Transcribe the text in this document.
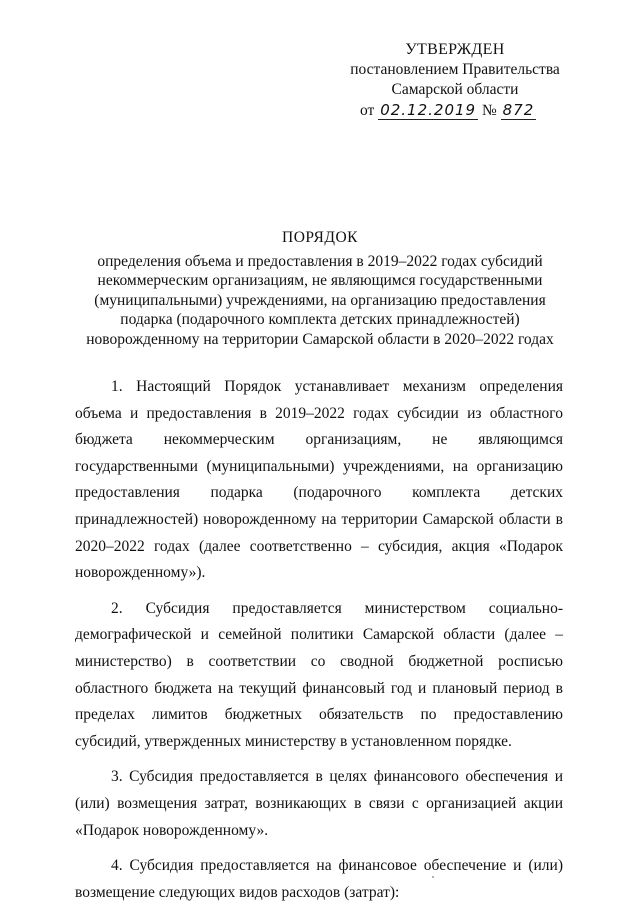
УТВЕРЖДЕН
постановлением Правительства
Самарской области
от 02.12.2019 № 872
ПОРЯДОК
определения объема и предоставления в 2019–2022 годах субсидий
некоммерческим организациям, не являющимся государственными
(муниципальными) учреждениями, на организацию предоставления
подарка (подарочного комплекта детских принадлежностей)
новорожденному на территории Самарской области в 2020–2022 годах

1. Настоящий Порядок устанавливает механизм определения объема и предоставления в 2019–2022 годах субсидии из областного бюджета некоммерческим организациям, не являющимся государственными (муниципальными) учреждениями, на организацию предоставления подарка (подарочного комплекта детских принадлежностей) новорожденному на территории Самарской области в 2020–2022 годах (далее соответственно – субсидия, акция «Подарок новорожденному»).

2. Субсидия предоставляется министерством социально-демографической и семейной политики Самарской области (далее – министерство) в соответствии со сводной бюджетной росписью областного бюджета на текущий финансовый год и плановый период в пределах лимитов бюджетных обязательств по предоставлению субсидий, утвержденных министерству в установленном порядке.

3. Субсидия предоставляется в целях финансового обеспечения и (или) возмещения затрат, возникающих в связи с организацией акции «Подарок новорожденному».

4. Субсидия предоставляется на финансовое обеспечение и (или) возмещение следующих видов расходов (затрат):
